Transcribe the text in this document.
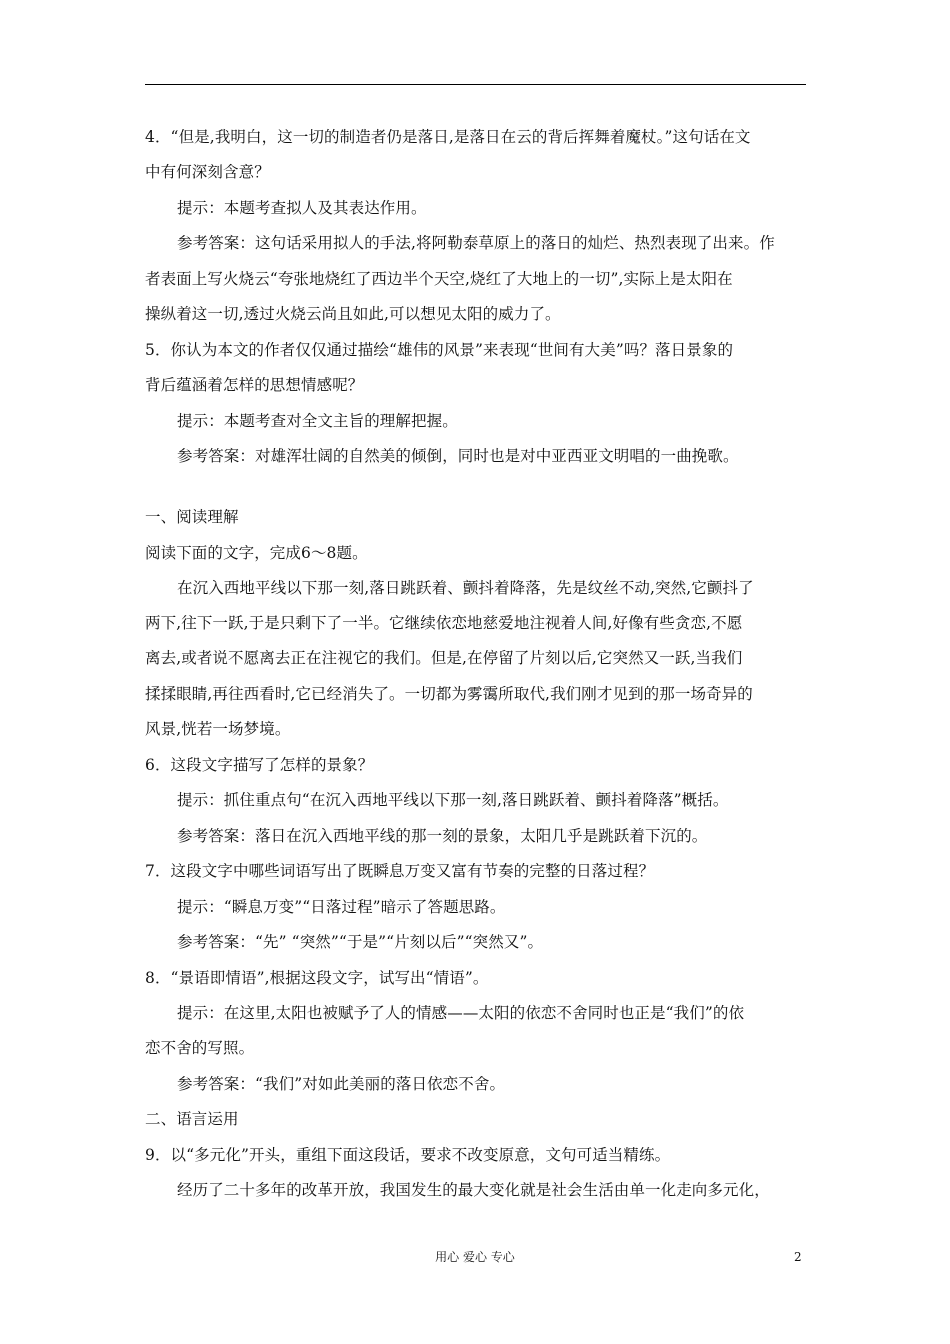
4．“但是,我明白，这一切的制造者仍是落日,是落日在云的背后挥舞着魔杖。”这句话在文
中有何深刻含意？
提示：本题考查拟人及其表达作用。
参考答案：这句话采用拟人的手法,将阿勒泰草原上的落日的灿烂、热烈表现了出来。作
者表面上写火烧云“夸张地烧红了西边半个天空,烧红了大地上的一切”,实际上是太阳在
操纵着这一切,透过火烧云尚且如此,可以想见太阳的威力了。
5．你认为本文的作者仅仅通过描绘“雄伟的风景”来表现“世间有大美”吗？落日景象的
背后蕴涵着怎样的思想情感呢？
提示：本题考查对全文主旨的理解把握。
参考答案：对雄浑壮阔的自然美的倾倒，同时也是对中亚西亚文明唱的一曲挽歌。
一、阅读理解
阅读下面的文字，完成6～8题。
在沉入西地平线以下那一刻,落日跳跃着、颤抖着降落，先是纹丝不动,突然,它颤抖了
两下,往下一跃,于是只剩下了一半。它继续依恋地慈爱地注视着人间,好像有些贪恋,不愿
离去,或者说不愿离去正在注视它的我们。但是,在停留了片刻以后,它突然又一跃,当我们
揉揉眼睛,再往西看时,它已经消失了。一切都为雾霭所取代,我们刚才见到的那一场奇异的
风景,恍若一场梦境。
6．这段文字描写了怎样的景象？
提示：抓住重点句“在沉入西地平线以下那一刻,落日跳跃着、颤抖着降落”概括。
参考答案：落日在沉入西地平线的那一刻的景象，太阳几乎是跳跃着下沉的。
7．这段文字中哪些词语写出了既瞬息万变又富有节奏的完整的日落过程？
提示：“瞬息万变”“日落过程”暗示了答题思路。
参考答案：“先” “突然”“于是”“片刻以后”“突然又”。
8．“景语即情语”,根据这段文字，试写出“情语”。
提示：在这里,太阳也被赋予了人的情感——太阳的依恋不舍同时也正是“我们”的依
恋不舍的写照。
参考答案：“我们”对如此美丽的落日依恋不舍。
二、语言运用
9．以“多元化”开头，重组下面这段话，要求不改变原意，文句可适当精练。
经历了二十多年的改革开放，我国发生的最大变化就是社会生活由单一化走向多元化，
用心 爱心 专心	2
